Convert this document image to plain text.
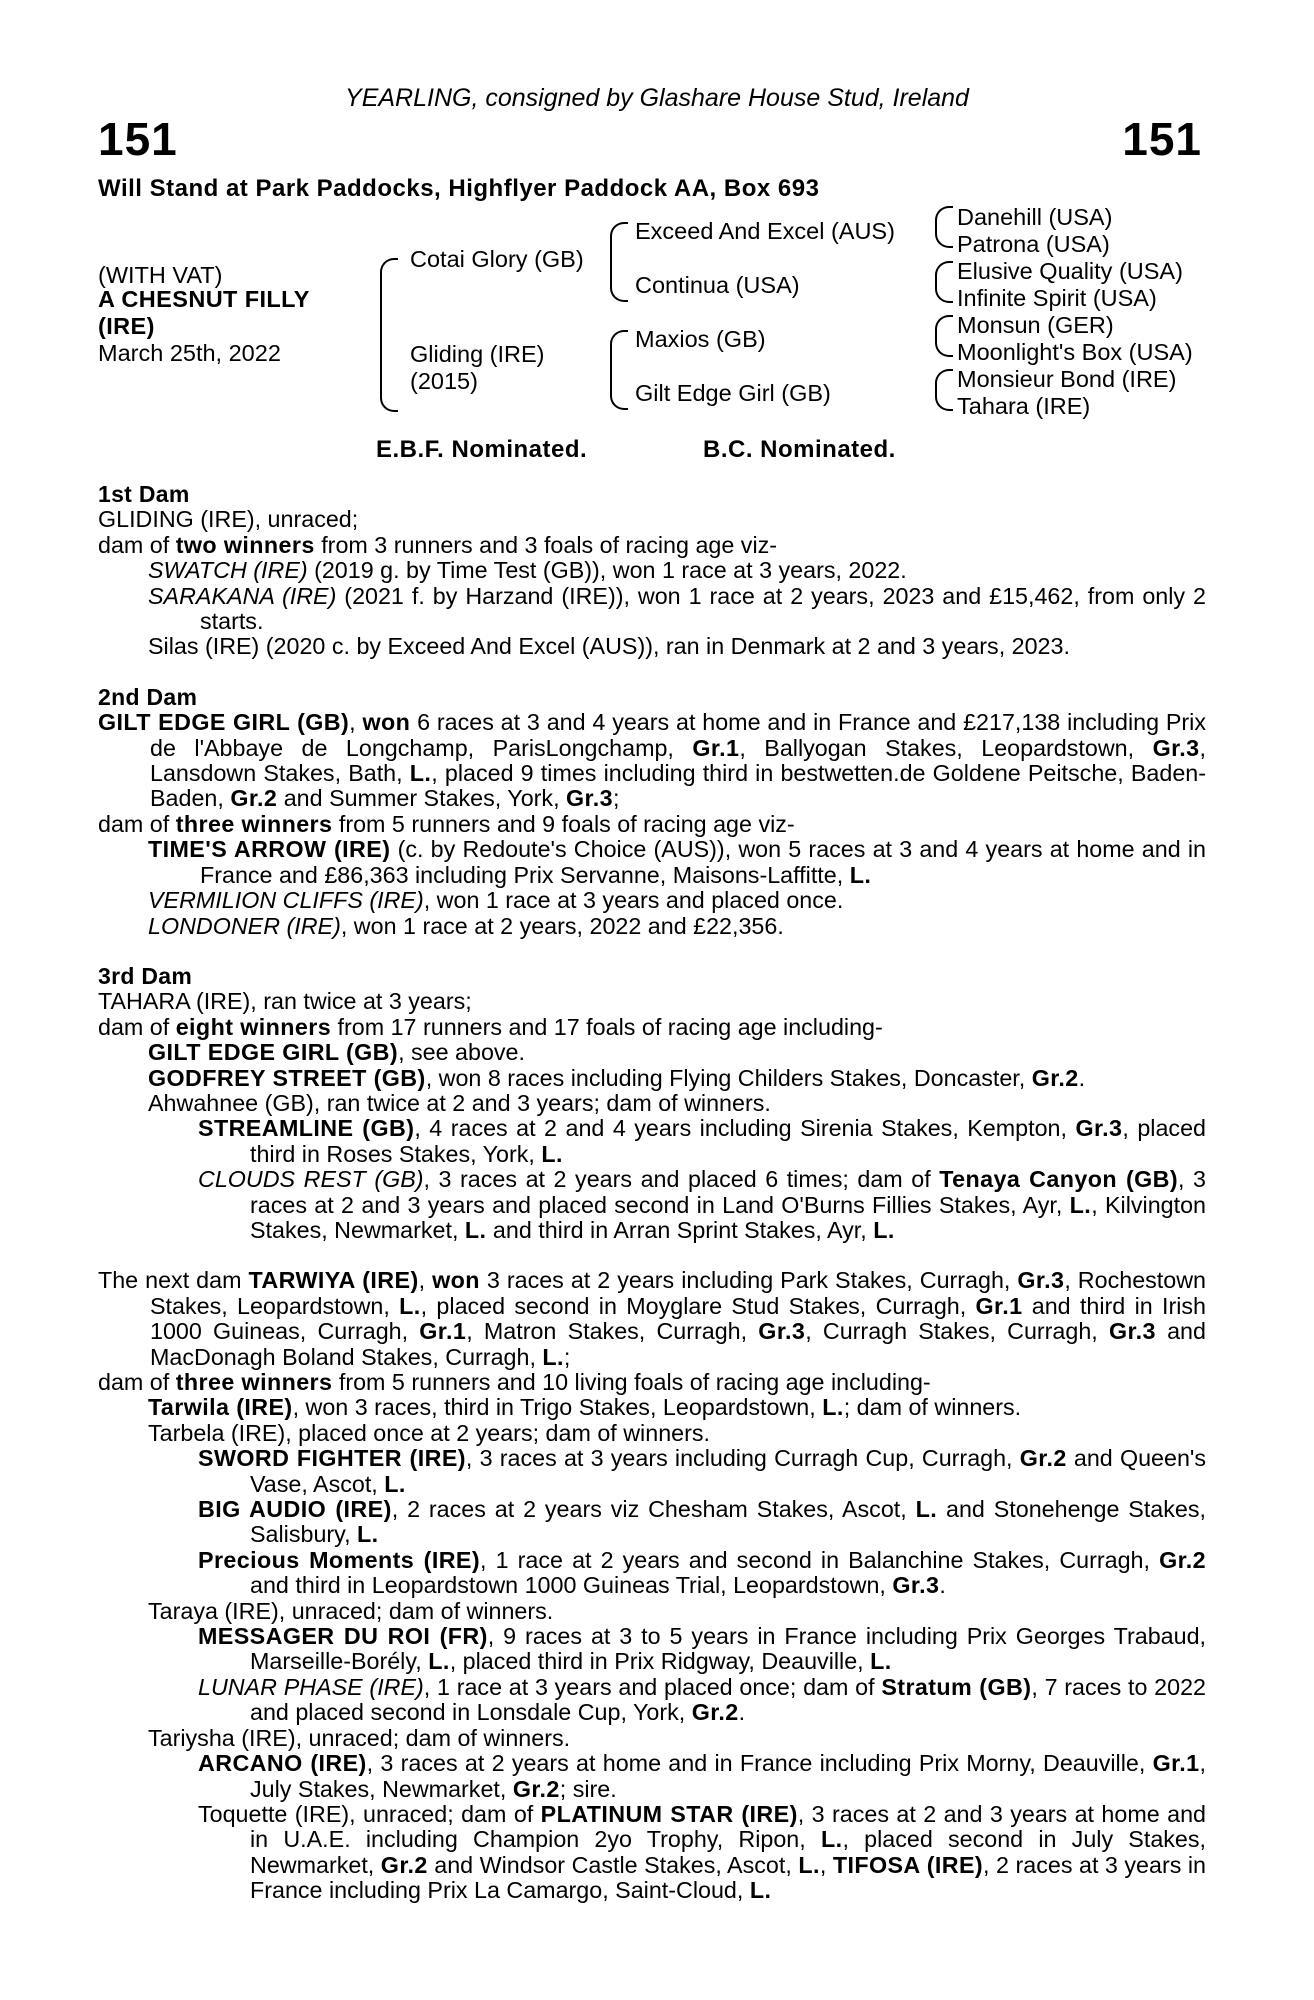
YEARLING, consigned by Glashare House Stud, Ireland
151	151
Will Stand at Park Paddocks, Highflyer Paddock AA, Box 693
(WITH VAT)
A CHESNUT FILLY
(IRE)
March 25th, 2022
Cotai Glory (GB)
Gliding (IRE)
(2015)
Exceed And Excel (AUS)
Continua (USA)
Maxios (GB)
Gilt Edge Girl (GB)
Danehill (USA)
Patrona (USA)
Elusive Quality (USA)
Infinite Spirit (USA)
Monsun (GER)
Moonlight's Box (USA)
Monsieur Bond (IRE)
Tahara (IRE)
E.B.F. Nominated.	B.C. Nominated.
1st Dam
GLIDING (IRE), unraced;
dam of two winners from 3 runners and 3 foals of racing age viz-
SWATCH (IRE) (2019 g. by Time Test (GB)), won 1 race at 3 years, 2022.
SARAKANA (IRE) (2021 f. by Harzand (IRE)), won 1 race at 2 years, 2023 and £15,462, from only 2 starts.
Silas (IRE) (2020 c. by Exceed And Excel (AUS)), ran in Denmark at 2 and 3 years, 2023.
2nd Dam
GILT EDGE GIRL (GB), won 6 races at 3 and 4 years at home and in France and £217,138 including Prix de l'Abbaye de Longchamp, ParisLongchamp, Gr.1, Ballyogan Stakes, Leopardstown, Gr.3, Lansdown Stakes, Bath, L., placed 9 times including third in bestwetten.de Goldene Peitsche, Baden-Baden, Gr.2 and Summer Stakes, York, Gr.3;
dam of three winners from 5 runners and 9 foals of racing age viz-
TIME'S ARROW (IRE) (c. by Redoute's Choice (AUS)), won 5 races at 3 and 4 years at home and in France and £86,363 including Prix Servanne, Maisons-Laffitte, L.
VERMILION CLIFFS (IRE), won 1 race at 3 years and placed once.
LONDONER (IRE), won 1 race at 2 years, 2022 and £22,356.
3rd Dam
TAHARA (IRE), ran twice at 3 years;
dam of eight winners from 17 runners and 17 foals of racing age including-
GILT EDGE GIRL (GB), see above.
GODFREY STREET (GB), won 8 races including Flying Childers Stakes, Doncaster, Gr.2.
Ahwahnee (GB), ran twice at 2 and 3 years; dam of winners.
STREAMLINE (GB), 4 races at 2 and 4 years including Sirenia Stakes, Kempton, Gr.3, placed third in Roses Stakes, York, L.
CLOUDS REST (GB), 3 races at 2 years and placed 6 times; dam of Tenaya Canyon (GB), 3 races at 2 and 3 years and placed second in Land O'Burns Fillies Stakes, Ayr, L., Kilvington Stakes, Newmarket, L. and third in Arran Sprint Stakes, Ayr, L.
The next dam TARWIYA (IRE), won 3 races at 2 years including Park Stakes, Curragh, Gr.3, Rochestown Stakes, Leopardstown, L., placed second in Moyglare Stud Stakes, Curragh, Gr.1 and third in Irish 1000 Guineas, Curragh, Gr.1, Matron Stakes, Curragh, Gr.3, Curragh Stakes, Curragh, Gr.3 and MacDonagh Boland Stakes, Curragh, L.;
dam of three winners from 5 runners and 10 living foals of racing age including-
Tarwila (IRE), won 3 races, third in Trigo Stakes, Leopardstown, L.; dam of winners.
Tarbela (IRE), placed once at 2 years; dam of winners.
SWORD FIGHTER (IRE), 3 races at 3 years including Curragh Cup, Curragh, Gr.2 and Queen's Vase, Ascot, L.
BIG AUDIO (IRE), 2 races at 2 years viz Chesham Stakes, Ascot, L. and Stonehenge Stakes, Salisbury, L.
Precious Moments (IRE), 1 race at 2 years and second in Balanchine Stakes, Curragh, Gr.2 and third in Leopardstown 1000 Guineas Trial, Leopardstown, Gr.3.
Taraya (IRE), unraced; dam of winners.
MESSAGER DU ROI (FR), 9 races at 3 to 5 years in France including Prix Georges Trabaud, Marseille-Borély, L., placed third in Prix Ridgway, Deauville, L.
LUNAR PHASE (IRE), 1 race at 3 years and placed once; dam of Stratum (GB), 7 races to 2022 and placed second in Lonsdale Cup, York, Gr.2.
Tariysha (IRE), unraced; dam of winners.
ARCANO (IRE), 3 races at 2 years at home and in France including Prix Morny, Deauville, Gr.1, July Stakes, Newmarket, Gr.2; sire.
Toquette (IRE), unraced; dam of PLATINUM STAR (IRE), 3 races at 2 and 3 years at home and in U.A.E. including Champion 2yo Trophy, Ripon, L., placed second in July Stakes, Newmarket, Gr.2 and Windsor Castle Stakes, Ascot, L., TIFOSA (IRE), 2 races at 3 years in France including Prix La Camargo, Saint-Cloud, L.
